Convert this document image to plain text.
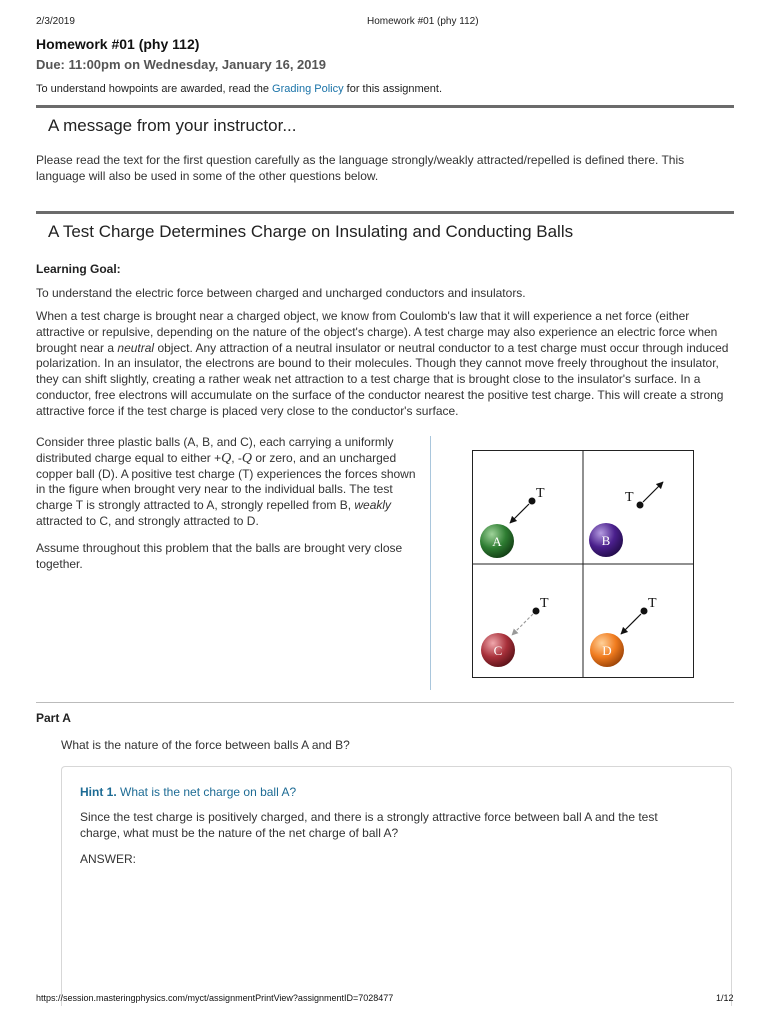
2/3/2019	Homework #01 (phy 112)
Homework #01 (phy 112)
Due: 11:00pm on Wednesday, January 16, 2019
To understand howpoints are awarded, read the Grading Policy for this assignment.
A message from your instructor...
Please read the text for the first question carefully as the language strongly/weakly attracted/repelled is defined there. This language will also be used in some of the other questions below.
A Test Charge Determines Charge on Insulating and Conducting Balls
Learning Goal:
To understand the electric force between charged and uncharged conductors and insulators.
When a test charge is brought near a charged object, we know from Coulomb's law that it will experience a net force (either attractive or repulsive, depending on the nature of the object's charge). A test charge may also experience an electric force when brought near a neutral object. Any attraction of a neutral insulator or neutral conductor to a test charge must occur through induced polarization. In an insulator, the electrons are bound to their molecules. Though they cannot move freely throughout the insulator, they can shift slightly, creating a rather weak net attraction to a test charge that is brought close to the insulator's surface. In a conductor, free electrons will accumulate on the surface of the conductor nearest the positive test charge. This will create a strong attractive force if the test charge is placed very close to the conductor's surface.
Consider three plastic balls (A, B, and C), each carrying a uniformly distributed charge equal to either +Q, -Q or zero, and an uncharged copper ball (D). A positive test charge (T) experiences the forces shown in the figure when brought very near to the individual balls. The test charge T is strongly attracted to A, strongly repelled from B, weakly attracted to C, and strongly attracted to D.
Assume throughout this problem that the balls are brought very close together.
A
T
B
T
C
T
D
T
Part A
What is the nature of the force between balls A and B?
Hint 1. What is the net charge on ball A?
Since the test charge is positively charged, and there is a strongly attractive force between ball A and the test charge, what must be the nature of the net charge of ball A?
ANSWER:
https://session.masteringphysics.com/myct/assignmentPrintView?assignmentID=7028477	1/12
